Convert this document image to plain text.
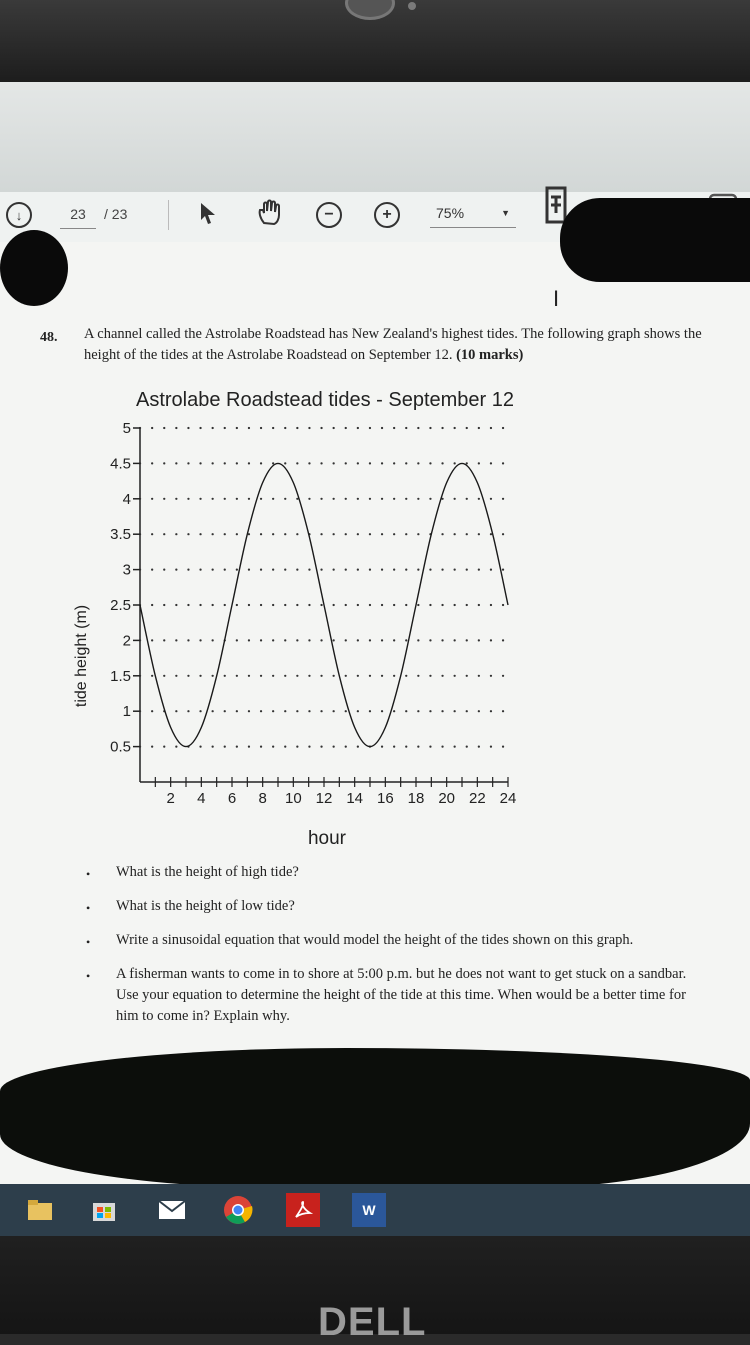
↓	23	/ 23	−	+	75%	▼
I
48. A channel called the Astrolabe Roadstead has New Zealand's highest tides. The following graph shows the height of the tides at the Astrolabe Roadstead on September 12. (10 marks)
Astrolabe Roadstead tides - September 12
tide height (m)
hour
0.5
1
1.5
2
2.5
3
3.5
4
4.5
5
2 4 6 8 10 12 14 16 18 20 22 24
• What is the height of high tide?
• What is the height of low tide?
• Write a sinusoidal equation that would model the height of the tides shown on this graph.
• A fisherman wants to come in to shore at 5:00 p.m. but he does not want to get stuck on a sandbar. Use your equation to determine the height of the tide at this time. When would be a better time for him to come in? Explain why.
W
DELL
